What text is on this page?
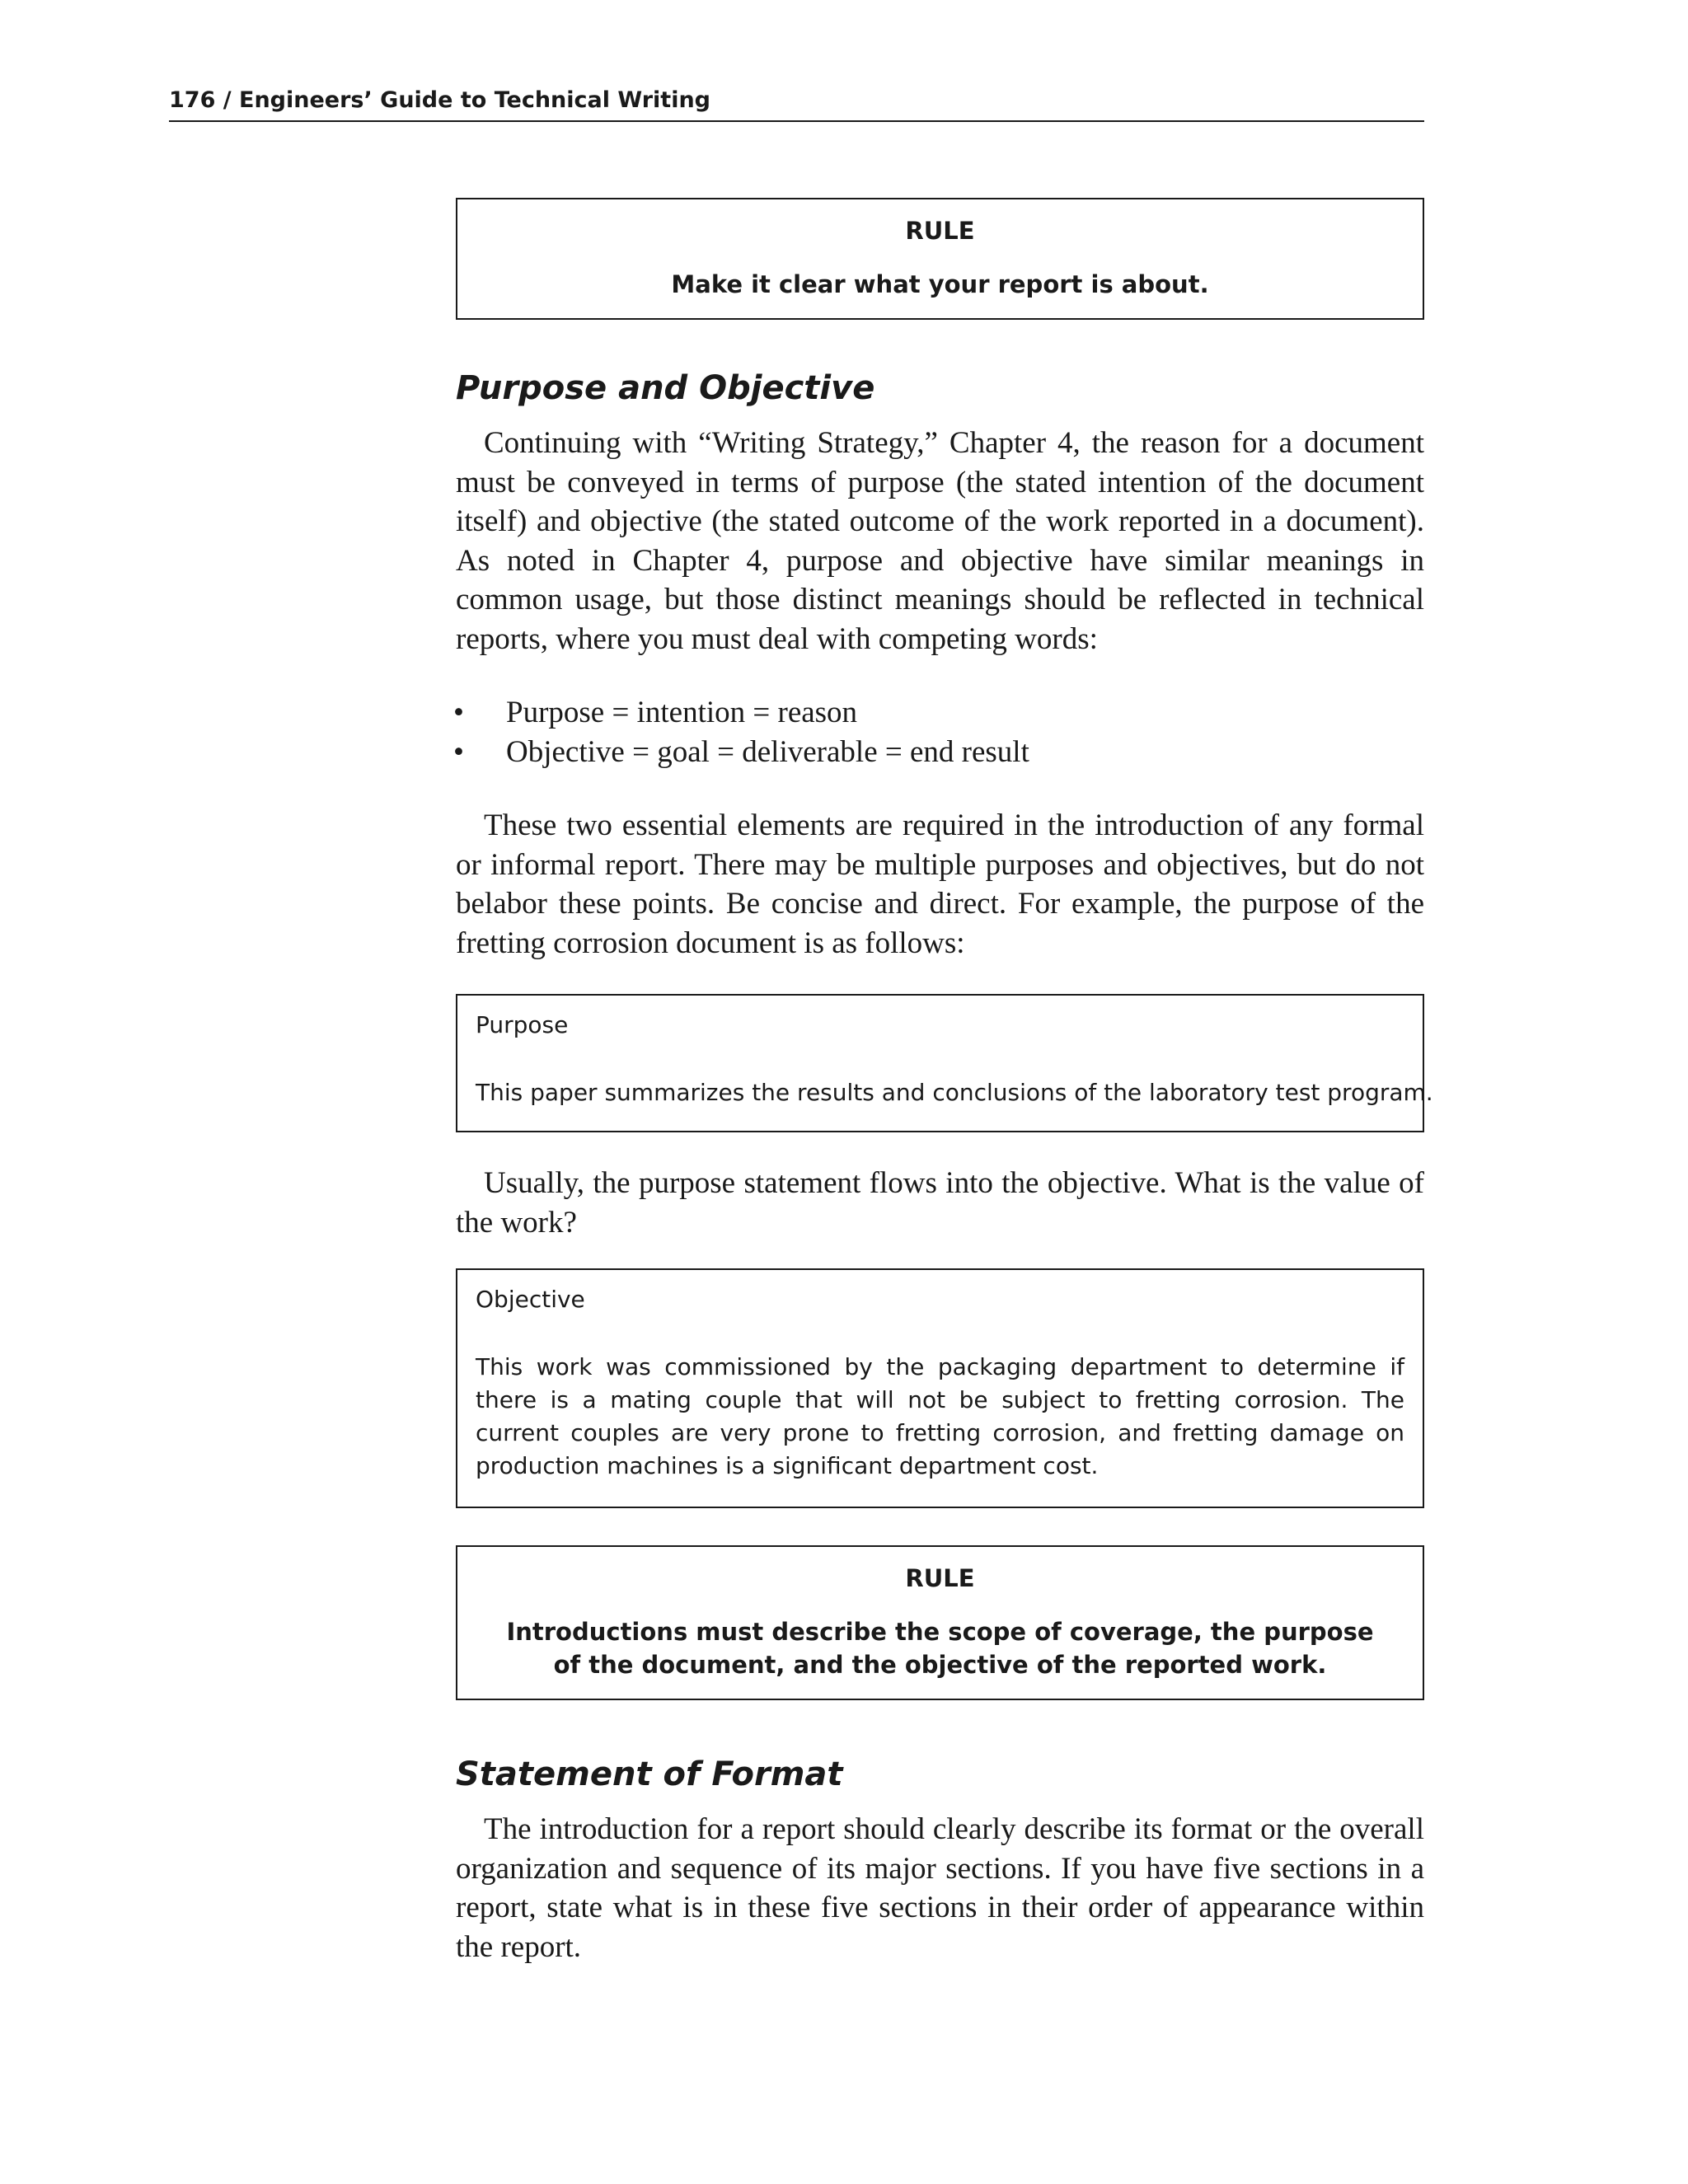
176 / Engineers’ Guide to Technical Writing
RULE
Make it clear what your report is about.
Purpose and Objective

Continuing with “Writing Strategy,” Chapter 4, the reason for a document must be conveyed in terms of purpose (the stated intention of the document itself) and objective (the stated outcome of the work reported in a document). As noted in Chapter 4, purpose and objective have similar meanings in common usage, but those distinct meanings should be reflected in technical reports, where you must deal with competing words:

• Purpose = intention = reason
• Objective = goal = deliverable = end result

These two essential elements are required in the introduction of any formal or informal report. There may be multiple purposes and objectives, but do not belabor these points. Be concise and direct. For example, the purpose of the fretting corrosion document is as follows:

Purpose
This paper summarizes the results and conclusions of the laboratory test program.

Usually, the purpose statement flows into the objective. What is the value of the work?

Objective
This work was commissioned by the packaging department to determine if there is a mating couple that will not be subject to fretting corrosion. The current couples are very prone to fretting corrosion, and fretting damage on production machines is a significant department cost.
RULE
Introductions must describe the scope of coverage, the purpose
of the document, and the objective of the reported work.
Statement of Format

The introduction for a report should clearly describe its format or the overall organization and sequence of its major sections. If you have five sections in a report, state what is in these five sections in their order of appearance within the report.
